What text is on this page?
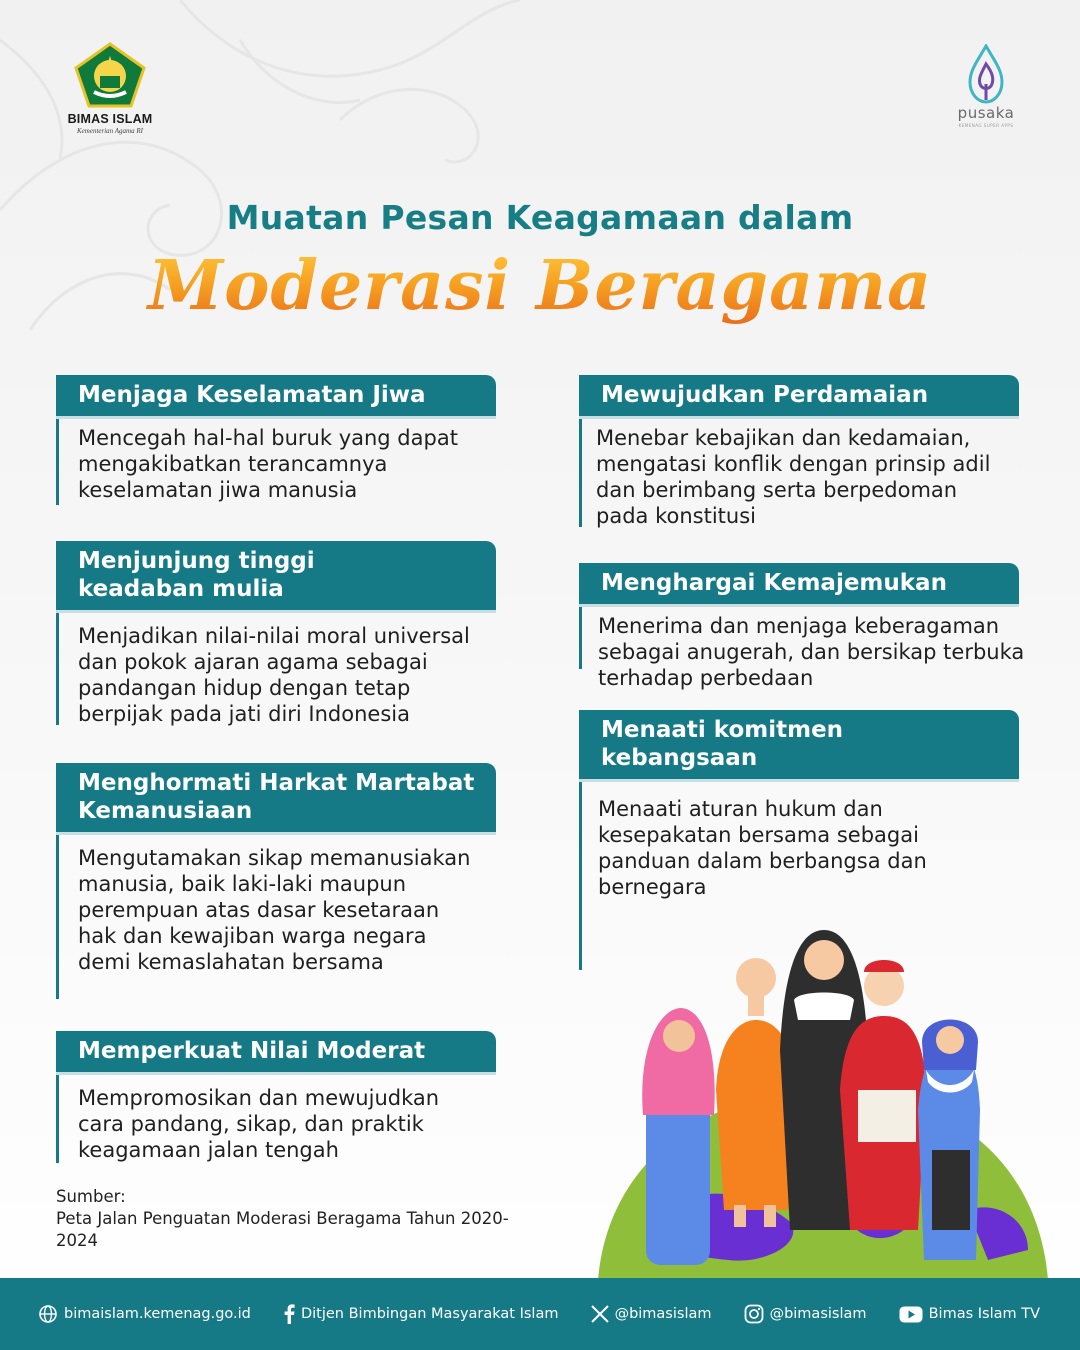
BIMAS ISLAM
Kementerian Agama RI
pusaka
KEMENAG SUPER APPS
Muatan Pesan Keagamaan dalam
Moderasi Beragama
Menjaga Keselamatan Jiwa
Mencegah hal-hal buruk yang dapat mengakibatkan terancamnya keselamatan jiwa manusia
Menjunjung tinggi keadaban mulia
Menjadikan nilai-nilai moral universal dan pokok ajaran agama sebagai pandangan hidup dengan tetap berpijak pada jati diri Indonesia
Menghormati Harkat Martabat Kemanusiaan
Mengutamakan sikap memanusiakan manusia, baik laki-laki maupun perempuan atas dasar kesetaraan hak dan kewajiban warga negara demi kemaslahatan bersama
Memperkuat Nilai Moderat
Mempromosikan dan mewujudkan cara pandang, sikap, dan praktik keagamaan jalan tengah
Mewujudkan Perdamaian
Menebar kebajikan dan kedamaian, mengatasi konflik dengan prinsip adil dan berimbang serta berpedoman pada konstitusi
Menghargai Kemajemukan
Menerima dan menjaga keberagaman sebagai anugerah, dan bersikap terbuka terhadap perbedaan
Menaati komitmen kebangsaan
Menaati aturan hukum dan kesepakatan bersama sebagai panduan dalam berbangsa dan bernegara
Sumber:
Peta Jalan Penguatan Moderasi Beragama Tahun 2020-2024
bimaislam.kemenag.go.id	Ditjen Bimbingan Masyarakat Islam	@bimasislam	@bimasislam	Bimas Islam TV
